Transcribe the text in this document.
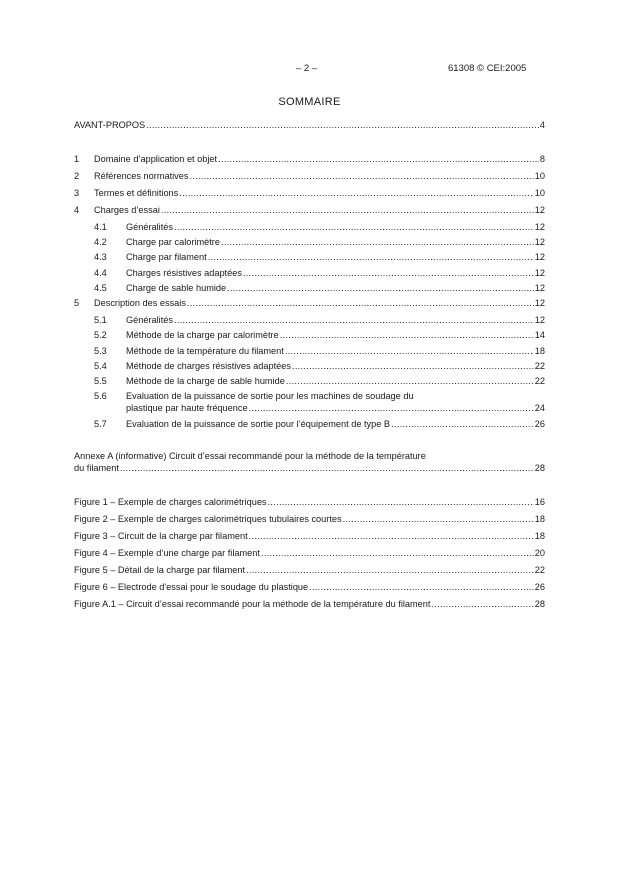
– 2 –	61308 © CEI:2005
SOMMAIRE
AVANT-PROPOS .....	4
1	Domaine d’application et objet .....	8
2	Références normatives .....	10
3	Termes et définitions .....	10
4	Charges d’essai .....	12
4.1	Généralités .....	12
4.2	Charge par calorimètre .....	12
4.3	Charge par filament .....	12
4.4	Charges résistives adaptées .....	12
4.5	Charge de sable humide .....	12
5	Description des essais .....	12
5.1	Généralités .....	12
5.2	Méthode de la charge par calorimètre .....	14
5.3	Méthode de la température du filament .....	18
5.4	Méthode de charges résistives adaptées .....	22
5.5	Méthode de la charge de sable humide .....	22
5.6 Evaluation de la puissance de sortie pour les machines de soudage du
plastique par haute fréquence .....	24
5.7	Evaluation de la puissance de sortie pour l’équipement de type B .....	26
Annexe A (informative) Circuit d’essai recommandé pour la méthode de la température
du filament .....	28
Figure 1 – Exemple de charges calorimétriques .....	16
Figure 2 – Exemple de charges calorimétriques tubulaires courtes .....	18
Figure 3 – Circuit de la charge par filament .....	18
Figure 4 – Exemple d’une charge par filament .....	20
Figure 5 – Détail de la charge par filament .....	22
Figure 6 – Electrode d'essai pour le soudage du plastique .....	26
Figure A.1 – Circuit d’essai recommandé pour la méthode de la température du filament .....	28
